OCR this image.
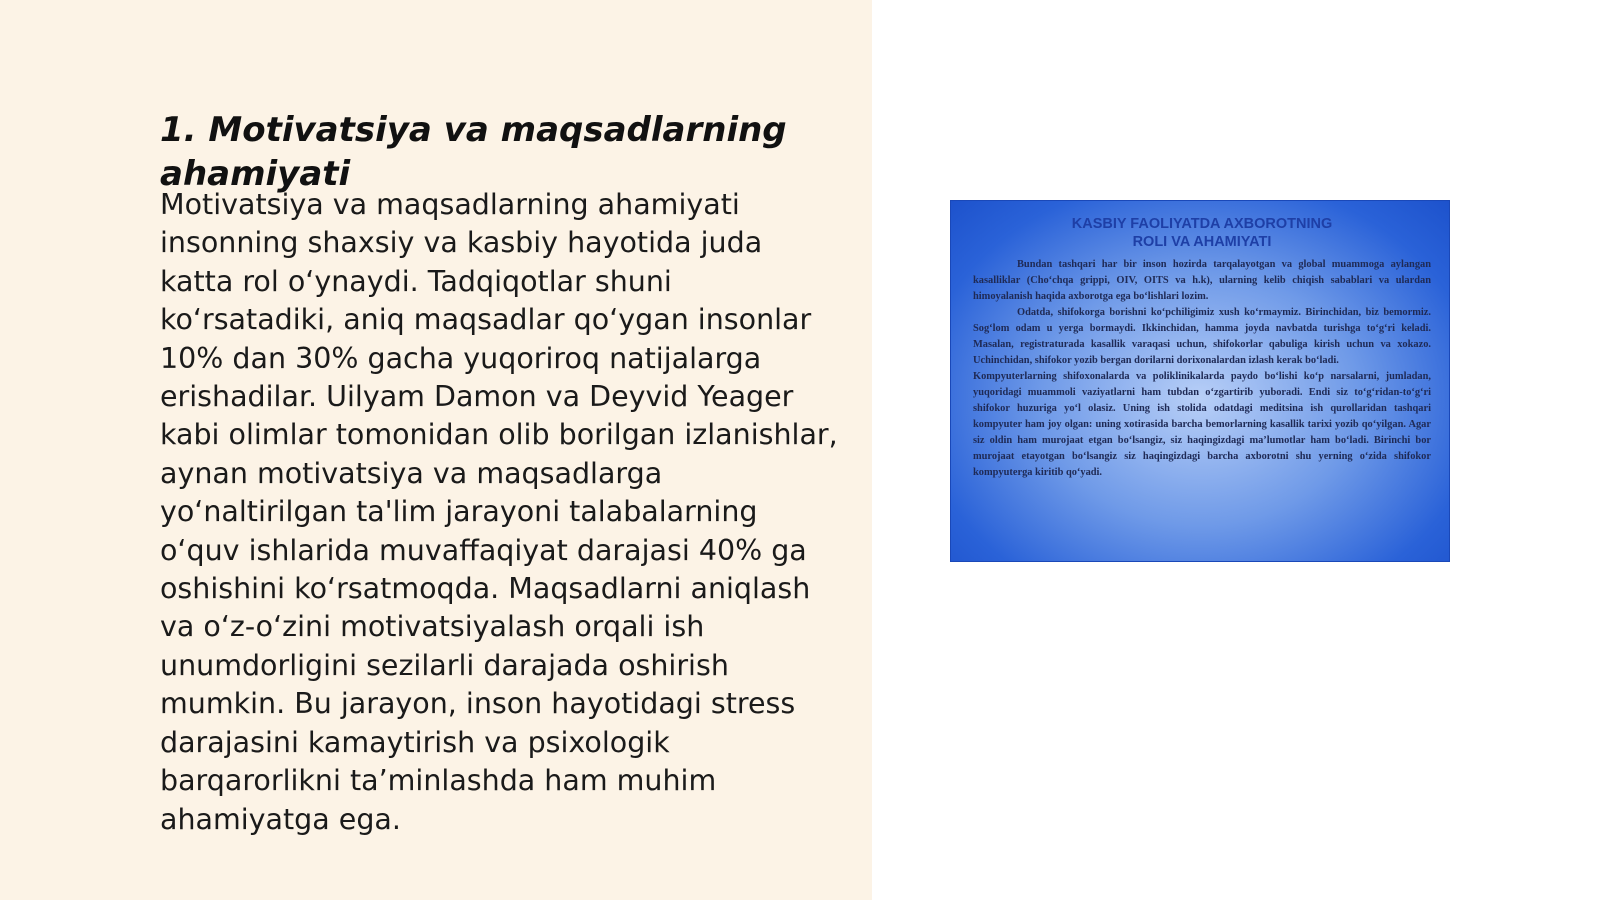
1. Motivatsiya va maqsadlarning ahamiyati

Motivatsiya va maqsadlarning ahamiyati insonning shaxsiy va kasbiy hayotida juda katta rol o‘ynaydi. Tadqiqotlar shuni ko‘rsatadiki, aniq maqsadlar qo‘ygan insonlar 10% dan 30% gacha yuqoriroq natijalarga erishadilar. Uilyam Damon va Deyvid Yeager kabi olimlar tomonidan olib borilgan izlanishlar, aynan motivatsiya va maqsadlarga yo‘naltirilgan ta'lim jarayoni talabalarning o‘quv ishlarida muvaffaqiyat darajasi 40% ga oshishini ko‘rsatmoqda. Maqsadlarni aniqlash va o‘z-o‘zini motivatsiyalash orqali ish unumdorligini sezilarli darajada oshirish mumkin. Bu jarayon, inson hayotidagi stress darajasini kamaytirish va psixologik barqarorlikni ta’minlashda ham muhim ahamiyatga ega.

KASBIY FAOLIYATDA AXBOROTNING
ROLI VA AHAMIYATI

Bundan tashqari har bir inson hozirda tarqalayotgan va global muammoga aylangan kasalliklar (Cho‘chqa grippi, OIV, OITS va h.k), ularning kelib chiqish sabablari va ulardan himoyalanish haqida axborotga ega bo‘lishlari lozim.

Odatda, shifokorga borishni ko‘pchiligimiz xush ko‘rmaymiz. Birinchidan, biz bemormiz. Sog‘lom odam u yerga bormaydi. Ikkinchidan, hamma joyda navbatda turishga to‘g‘ri keladi. Masalan, registraturada kasallik varaqasi uchun, shifokorlar qabuliga kirish uchun va xokazo. Uchinchidan, shifokor yozib bergan dorilarni dorixonalardan izlash kerak bo‘ladi.

Kompyuterlarning shifoxonalarda va poliklinikalarda paydo bo‘lishi ko‘p narsalarni, jumladan, yuqoridagi muammoli vaziyatlarni ham tubdan o‘zgartirib yuboradi. Endi siz to‘g‘ridan-to‘g‘ri shifokor huzuriga yo‘l olasiz. Uning ish stolida odatdagi meditsina ish qurollaridan tashqari kompyuter ham joy olgan: uning xotirasida barcha bemorlarning kasallik tarixi yozib qo‘yilgan. Agar siz oldin ham murojaat etgan bo‘lsangiz, siz haqingizdagi ma’lumotlar ham bo‘ladi. Birinchi bor murojaat etayotgan bo‘lsangiz siz haqingizdagi barcha axborotni shu yerning o‘zida shifokor kompyuterga kiritib qo‘yadi.
